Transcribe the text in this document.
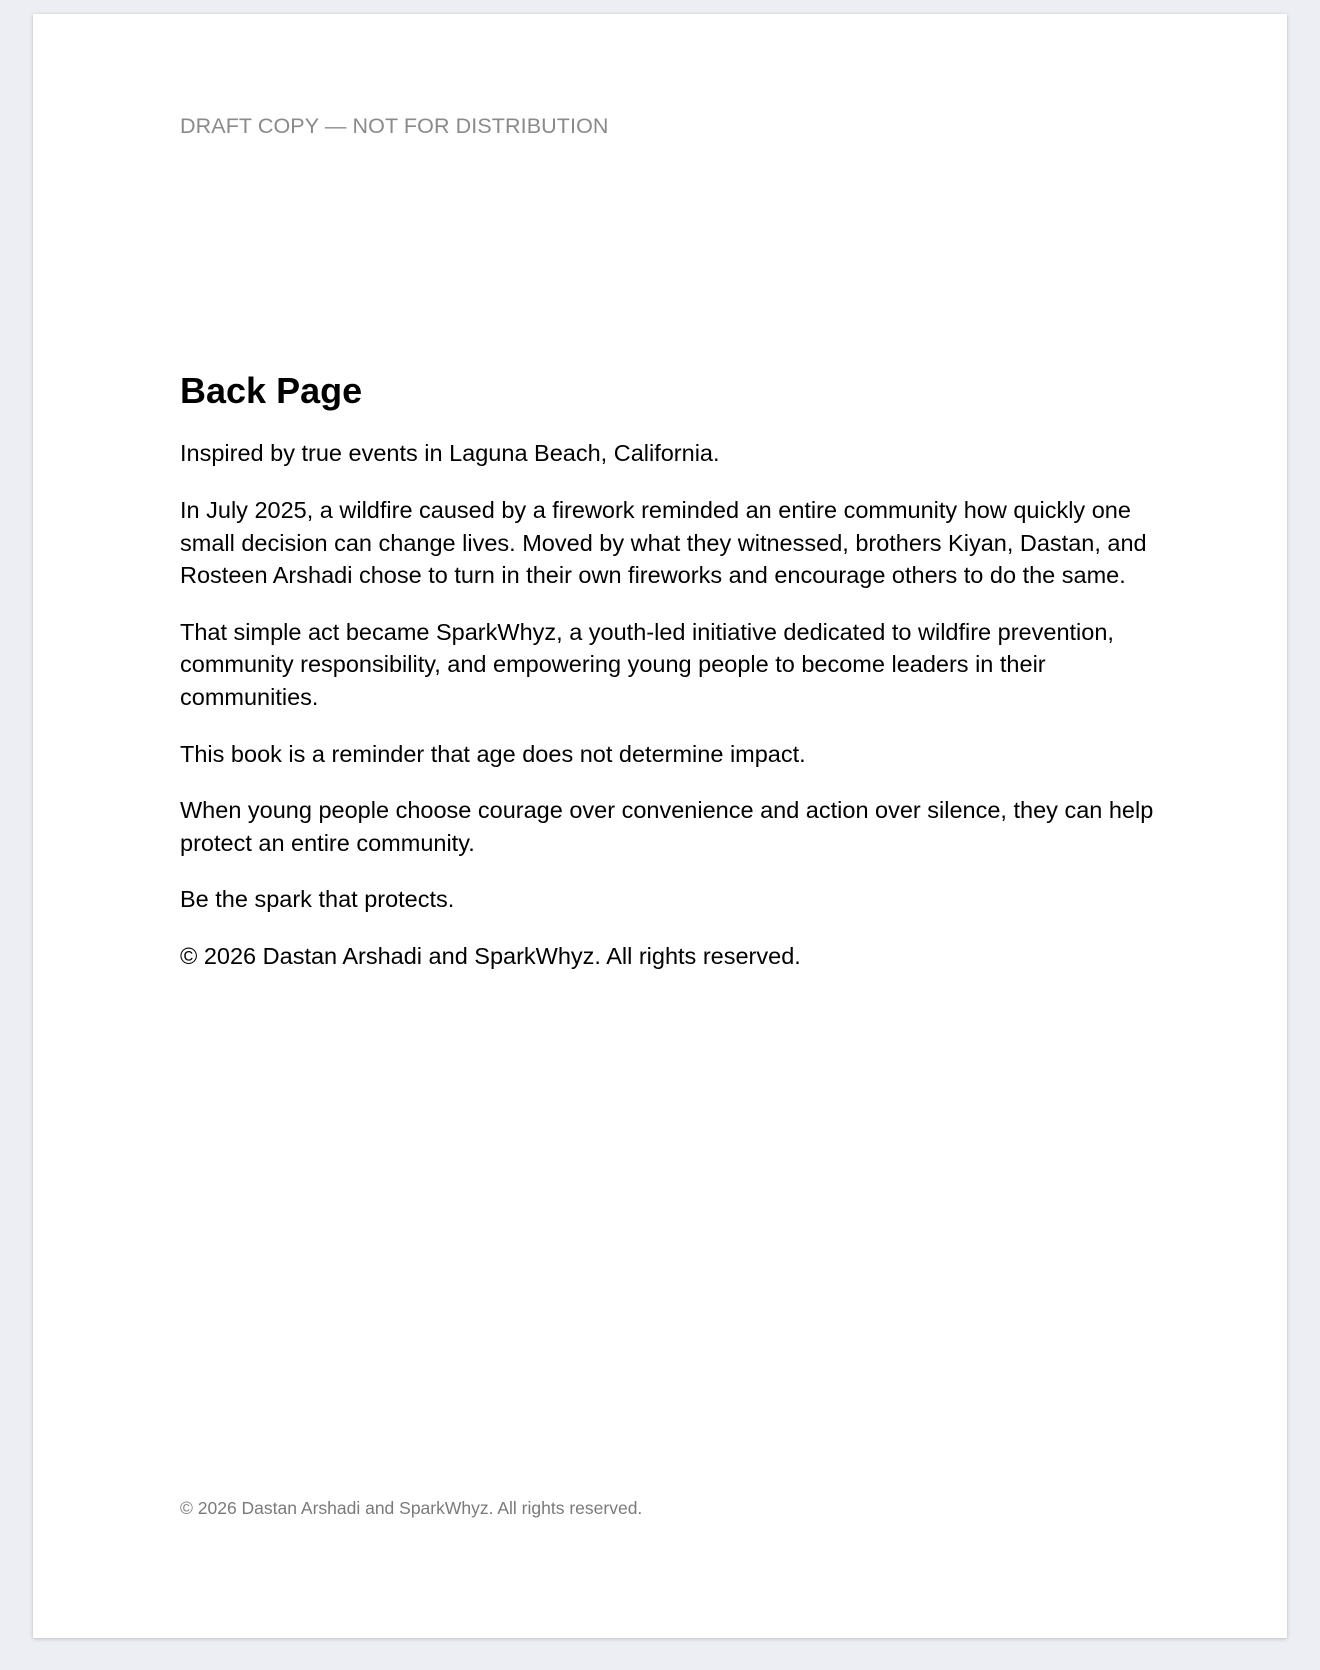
DRAFT COPY — NOT FOR DISTRIBUTION

Back Page

Inspired by true events in Laguna Beach, California.

In July 2025, a wildfire caused by a firework reminded an entire community how quickly one small decision can change lives. Moved by what they witnessed, brothers Kiyan, Dastan, and Rosteen Arshadi chose to turn in their own fireworks and encourage others to do the same.

That simple act became SparkWhyz, a youth-led initiative dedicated to wildfire prevention, community responsibility, and empowering young people to become leaders in their communities.

This book is a reminder that age does not determine impact.

When young people choose courage over convenience and action over silence, they can help protect an entire community.

Be the spark that protects.

© 2026 Dastan Arshadi and SparkWhyz. All rights reserved.

© 2026 Dastan Arshadi and SparkWhyz. All rights reserved.
